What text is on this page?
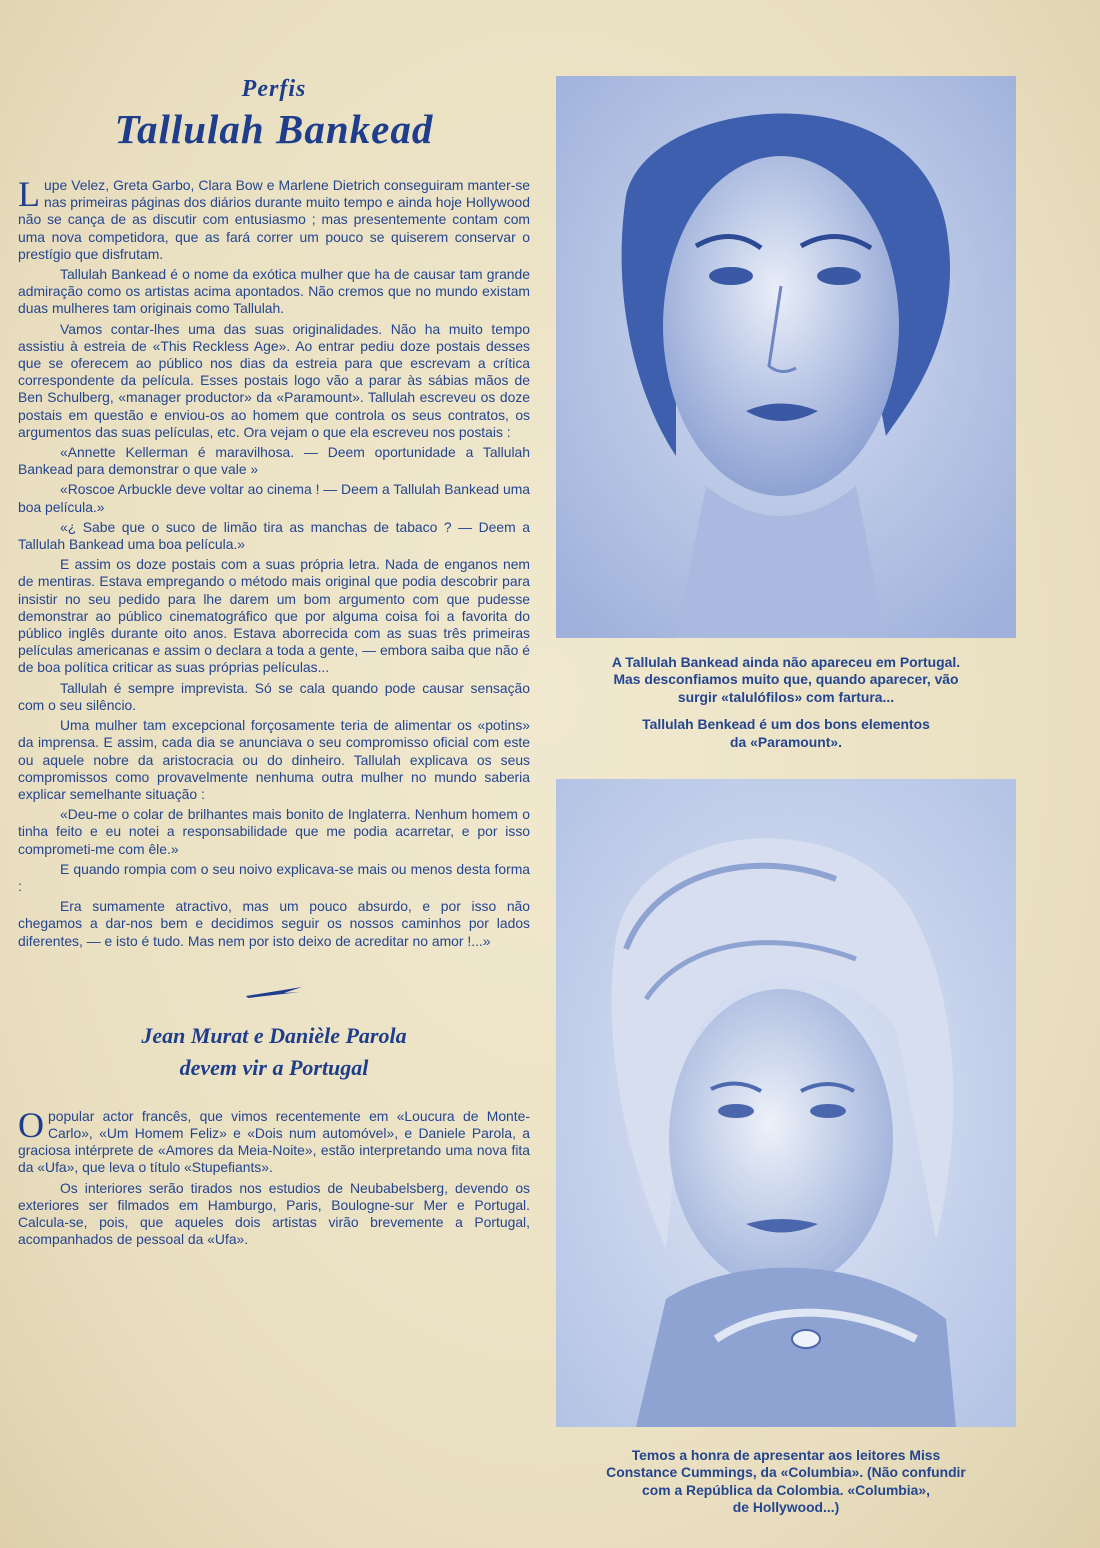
Perfis
Tallulah Bankead

Lupe Velez, Greta Garbo, Clara Bow e Marlene Dietrich conseguiram manter-se nas primeiras páginas dos diários durante muito tempo e ainda hoje Hollywood não se cança de as discutir com entusiasmo ; mas presentemente contam com uma nova competidora, que as fará correr um pouco se quiserem conservar o prestígio que disfrutam.

Tallulah Bankead é o nome da exótica mulher que ha de causar tam grande admiração como os artistas acima apontados. Não cremos que no mundo existam duas mulheres tam originais como Tallulah.

Vamos contar-lhes uma das suas originalidades. Não ha muito tempo assistiu à estreia de «This Reckless Age». Ao entrar pediu doze postais desses que se oferecem ao público nos dias da estreia para que escrevam a crítica correspondente da película. Esses postais logo vão a parar às sábias mãos de Ben Schulberg, «manager productor» da «Paramount». Tallulah escreveu os doze postais em questão e enviou-os ao homem que controla os seus contratos, os argumentos das suas películas, etc. Ora vejam o que ela escreveu nos postais :

«Annette Kellerman é maravilhosa. — Deem oportunidade a Tallulah Bankead para demonstrar o que vale »

«Roscoe Arbuckle deve voltar ao cinema ! — Deem a Tallulah Bankead uma boa película.»

«¿ Sabe que o suco de limão tira as manchas de tabaco ? — Deem a Tallulah Bankead uma boa película.»

E assim os doze postais com a suas própria letra. Nada de enganos nem de mentiras. Estava empregando o método mais original que podia descobrir para insistir no seu pedido para lhe darem um bom argumento com que pudesse demonstrar ao público cinematográfico que por alguma coisa foi a favorita do público inglês durante oito anos. Estava aborrecida com as suas três primeiras películas americanas e assim o declara a toda a gente, — embora saiba que não é de boa política criticar as suas próprias películas...

Tallulah é sempre imprevista. Só se cala quando pode causar sensação com o seu silêncio.

Uma mulher tam excepcional forçosamente teria de alimentar os «potins» da imprensa. E assim, cada dia se anunciava o seu compromisso oficial com este ou aquele nobre da aristocracia ou do dinheiro. Tallulah explicava os seus compromissos como provavelmente nenhuma outra mulher no mundo saberia explicar semelhante situação :

«Deu-me o colar de brilhantes mais bonito de Inglaterra. Nenhum homem o tinha feito e eu notei a responsabilidade que me podia acarretar, e por isso comprometi-me com êle.»

E quando rompia com o seu noivo explicava-se mais ou menos desta forma :

Era sumamente atractivo, mas um pouco absurdo, e por isso não chegamos a dar-nos bem e decidimos seguir os nossos caminhos por lados diferentes, — e isto é tudo. Mas nem por isto deixo de acreditar no amor !...»

Jean Murat e Danièle Parola
devem vir a Portugal

Opopular actor francês, que vimos recentemente em «Loucura de Monte-Carlo», «Um Homem Feliz» e «Dois num automóvel», e Daniele Parola, a graciosa intérprete de «Amores da Meia-Noite», estão interpretando uma nova fita da «Ufa», que leva o título «Stupefiants».

Os interiores serão tirados nos estudios de Neubabelsberg, devendo os exteriores ser filmados em Hamburgo, Paris, Boulogne-sur Mer e Portugal. Calcula-se, pois, que aqueles dois artistas virão brevemente a Portugal, acompanhados de pessoal da «Ufa».

A Tallulah Bankead ainda não apareceu em Portugal.

Mas desconfiamos muito que, quando aparecer, vão

surgir «talulófilos» com fartura...

Tallulah Benkead é um dos bons elementos

da «Paramount».

Temos a honra de apresentar aos leitores Miss

Constance Cummings, da «Columbia». (Não confundir

com a República da Colombia. «Columbia»,

de Hollywood...)
